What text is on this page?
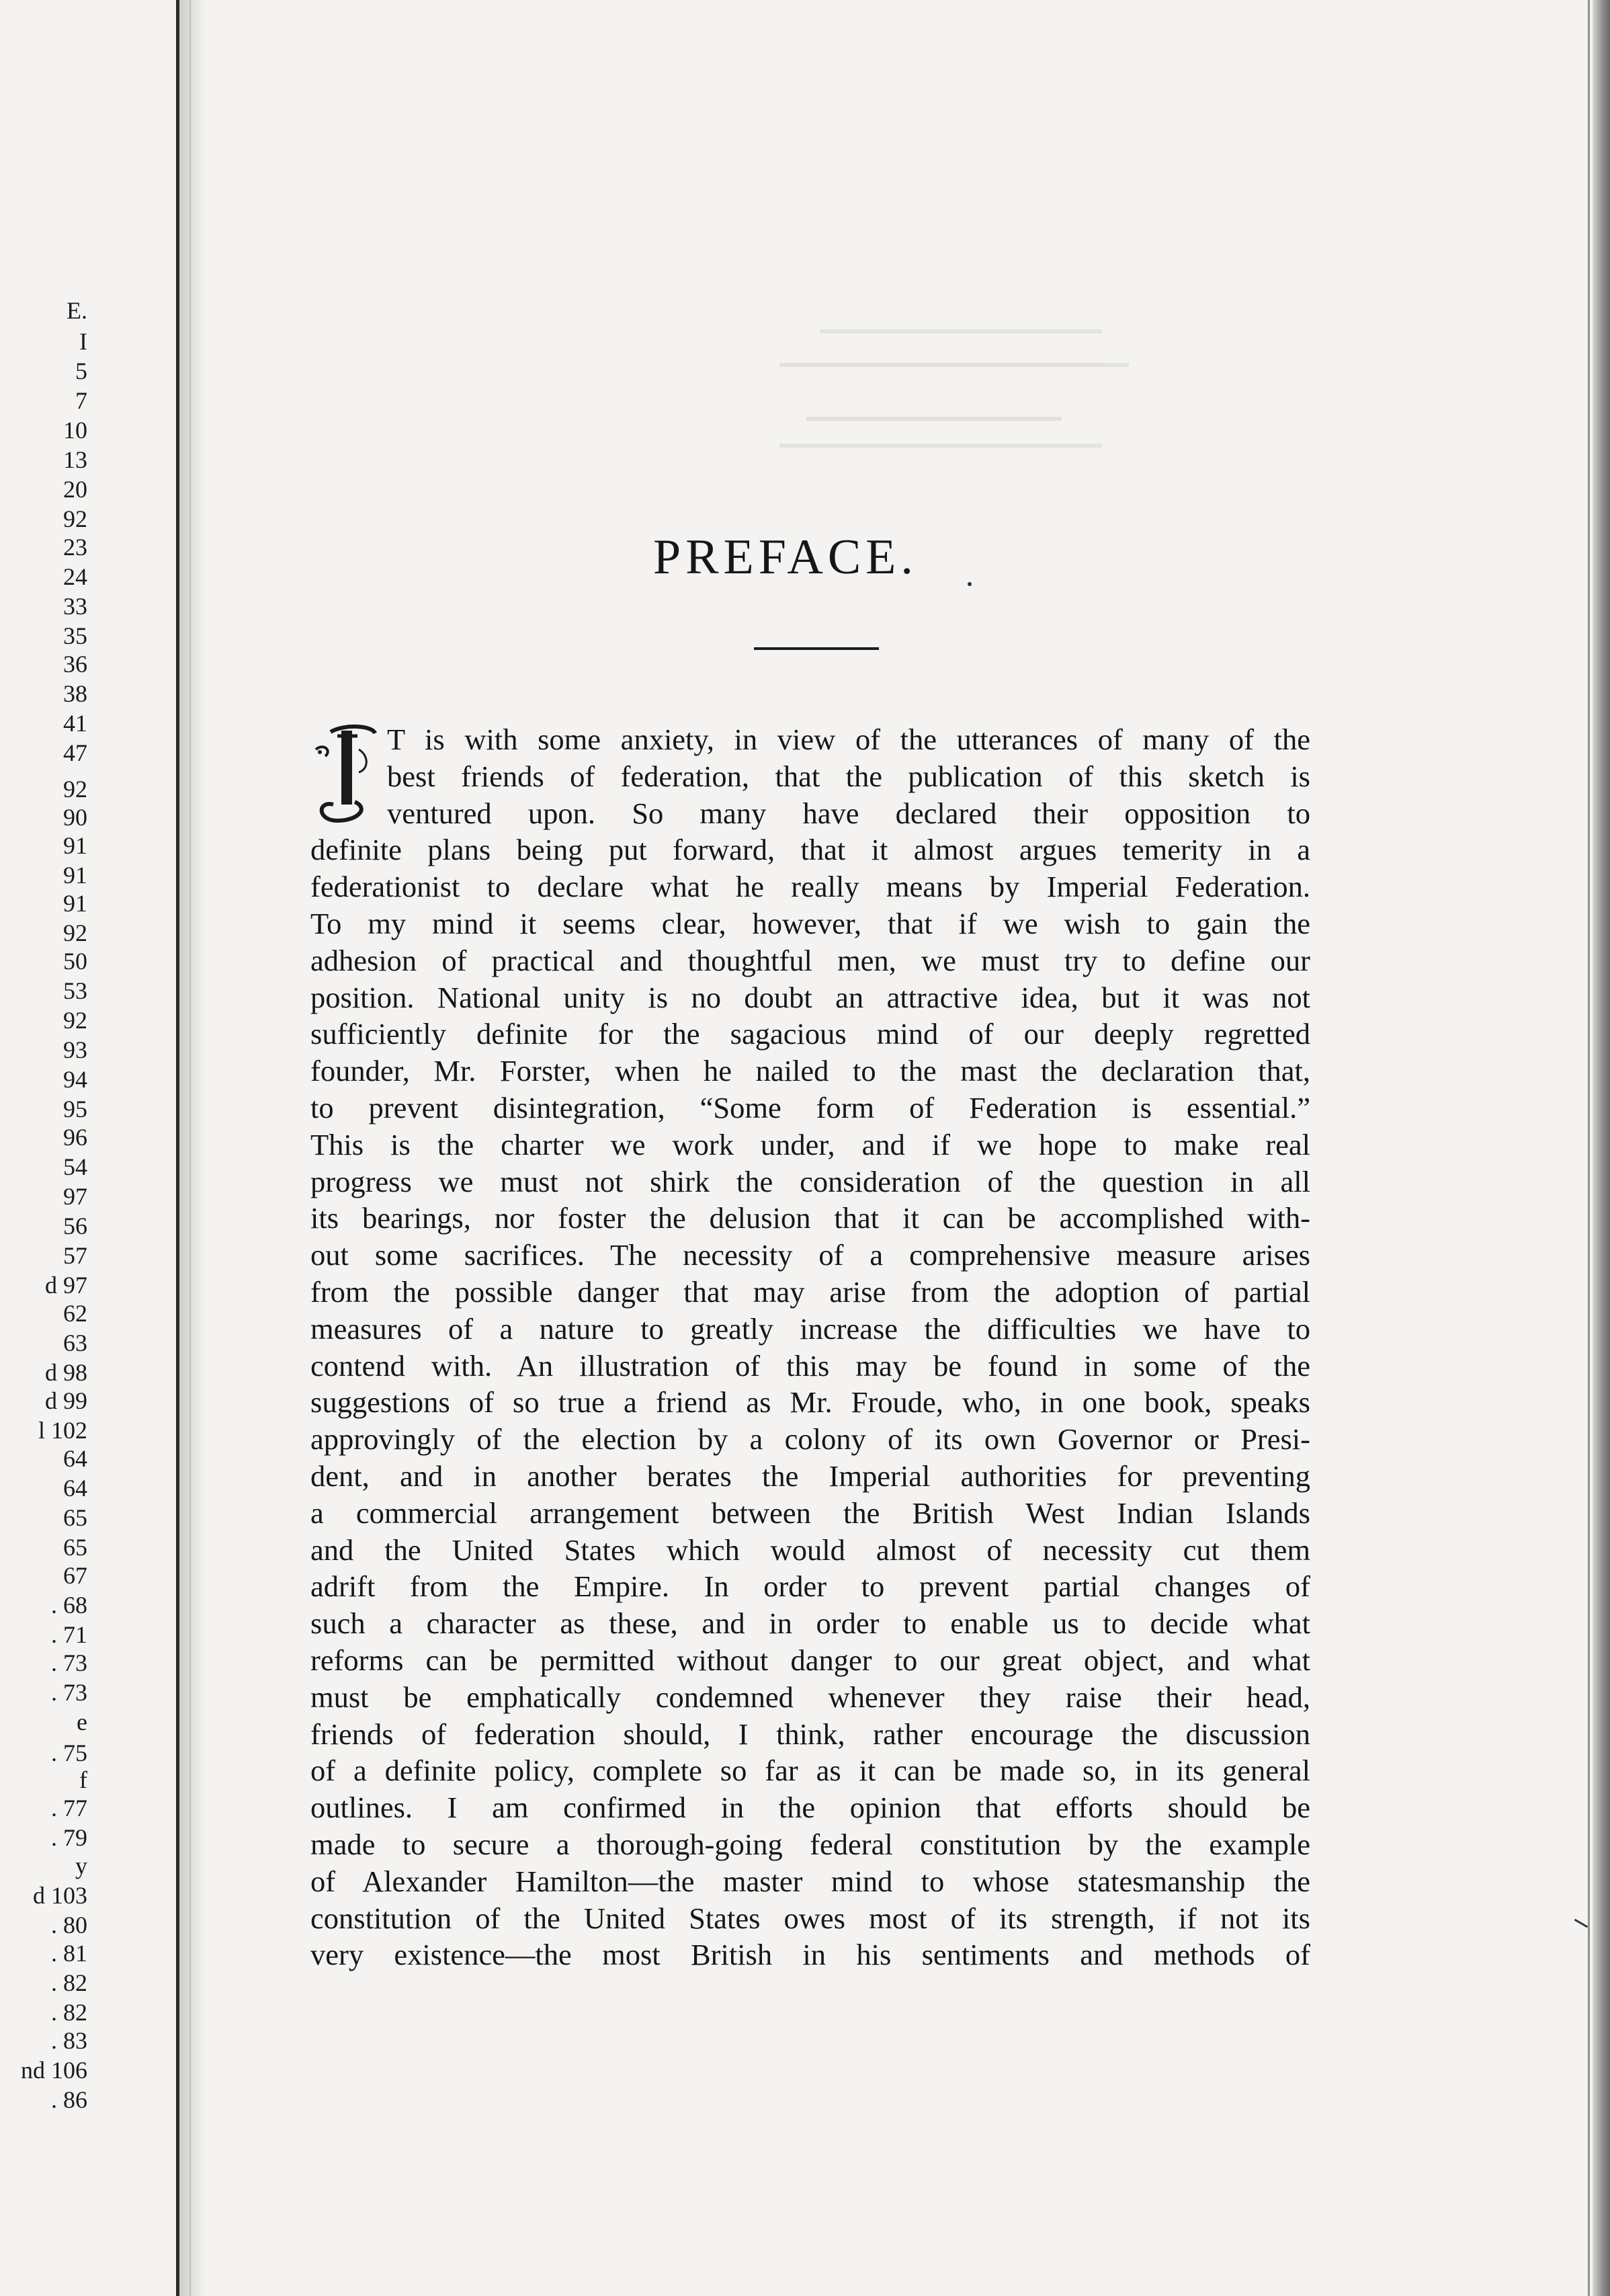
E.
I
5
7
10
13
20
92
23
24
33
35
36
38
41
47
92
90
91
91
91
92
50
53
92
93
94
95
96
54
97
56
57
d 97
62
63
d 98
d 99
l 102
64
64
65
65
67
. 68
. 71
. 73
. 73
e
. 75
f
. 77
. 79
y
d 103
. 80
. 81
. 82
. 82
. 83
nd 106
. 86
PREFACE.
T is with some anxiety, in view of the utterances of many of the
best friends of federation, that the publication of this sketch is
ventured upon. So many have declared their opposition to
definite plans being put forward, that it almost argues temerity in a
federationist to declare what he really means by Imperial Federation.
To my mind it seems clear, however, that if we wish to gain the
adhesion of practical and thoughtful men, we must try to define our
position. National unity is no doubt an attractive idea, but it was not
sufficiently definite for the sagacious mind of our deeply regretted
founder, Mr. Forster, when he nailed to the mast the declaration that,
to prevent disintegration, “Some form of Federation is essential.”
This is the charter we work under, and if we hope to make real
progress we must not shirk the consideration of the question in all
its bearings, nor foster the delusion that it can be accomplished with-
out some sacrifices. The necessity of a comprehensive measure arises
from the possible danger that may arise from the adoption of partial
measures of a nature to greatly increase the difficulties we have to
contend with. An illustration of this may be found in some of the
suggestions of so true a friend as Mr. Froude, who, in one book, speaks
approvingly of the election by a colony of its own Governor or Presi-
dent, and in another berates the Imperial authorities for preventing
a commercial arrangement between the British West Indian Islands
and the United States which would almost of necessity cut them
adrift from the Empire. In order to prevent partial changes of
such a character as these, and in order to enable us to decide what
reforms can be permitted without danger to our great object, and what
must be emphatically condemned whenever they raise their head,
friends of federation should, I think, rather encourage the discussion
of a definite policy, complete so far as it can be made so, in its general
outlines. I am confirmed in the opinion that efforts should be
made to secure a thorough-going federal constitution by the example
of Alexander Hamilton—the master mind to whose statesmanship the
constitution of the United States owes most of its strength, if not its
very existence—the most British in his sentiments and methods of
